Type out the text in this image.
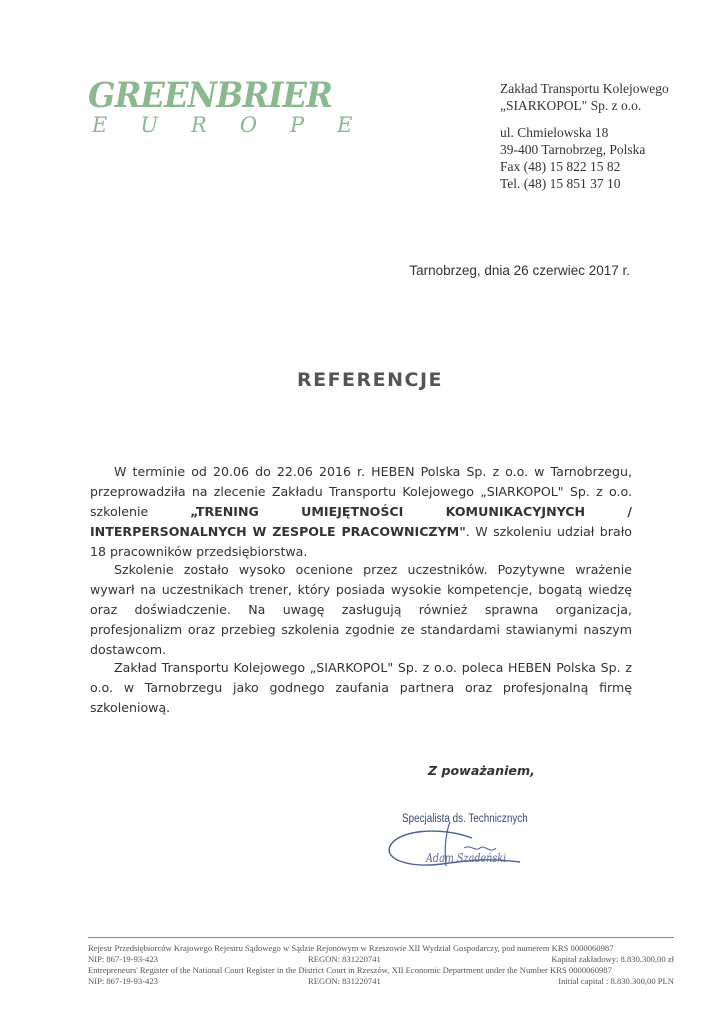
GREENBRIER
EUROPE
Zakład Transportu Kolejowego
„SIARKOPOL" Sp. z o.o.
ul. Chmielowska 18
39-400 Tarnobrzeg, Polska
Fax (48) 15 822 15 82
Tel. (48) 15 851 37 10
Tarnobrzeg, dnia 26 czerwiec 2017 r.
REFERENCJE
W terminie od 20.06 do 22.06 2016 r. HEBEN Polska Sp. z o.o. w Tarnobrzegu, przeprowadziła na zlecenie Zakładu Transportu Kolejowego „SIARKOPOL" Sp. z o.o. szkolenie „TRENING UMIEJĘTNOŚCI KOMUNIKACYJNYCH / INTERPERSONALNYCH W ZESPOLE PRACOWNICZYM". W szkoleniu udział brało 18 pracowników przedsiębiorstwa.
Szkolenie zostało wysoko ocenione przez uczestników. Pozytywne wrażenie wywarł na uczestnikach trener, który posiada wysokie kompetencje, bogatą wiedzę oraz doświadczenie. Na uwagę zasługują również sprawna organizacja, profesjonalizm oraz przebieg szkolenia zgodnie ze standardami stawianymi naszym dostawcom.
Zakład Transportu Kolejowego „SIARKOPOL" Sp. z o.o. poleca HEBEN Polska Sp. z o.o. w Tarnobrzegu jako godnego zaufania partnera oraz profesjonalną firmę szkoleniową.
Z poważaniem,
Specjalista ds. Technicznych
Adam Szadeński
Rejestr Przedsiębiorców Krajowego Rejestru Sądowego w Sądzie Rejonowym w Rzeszowie XII Wydział Gospodarczy, pod numerem KRS 0000060987
NIP: 867-19-93-423	REGON: 831220741	Kapitał zakładowy: 8.830.300,00 zł
Entrepreneurs' Register of the National Court Register in the District Court in Rzeszów, XII Economic Department under the Number KRS 0000060987
NIP: 867-19-93-423	REGON: 831220741	Initial capital : 8.830.300,00 PLN
